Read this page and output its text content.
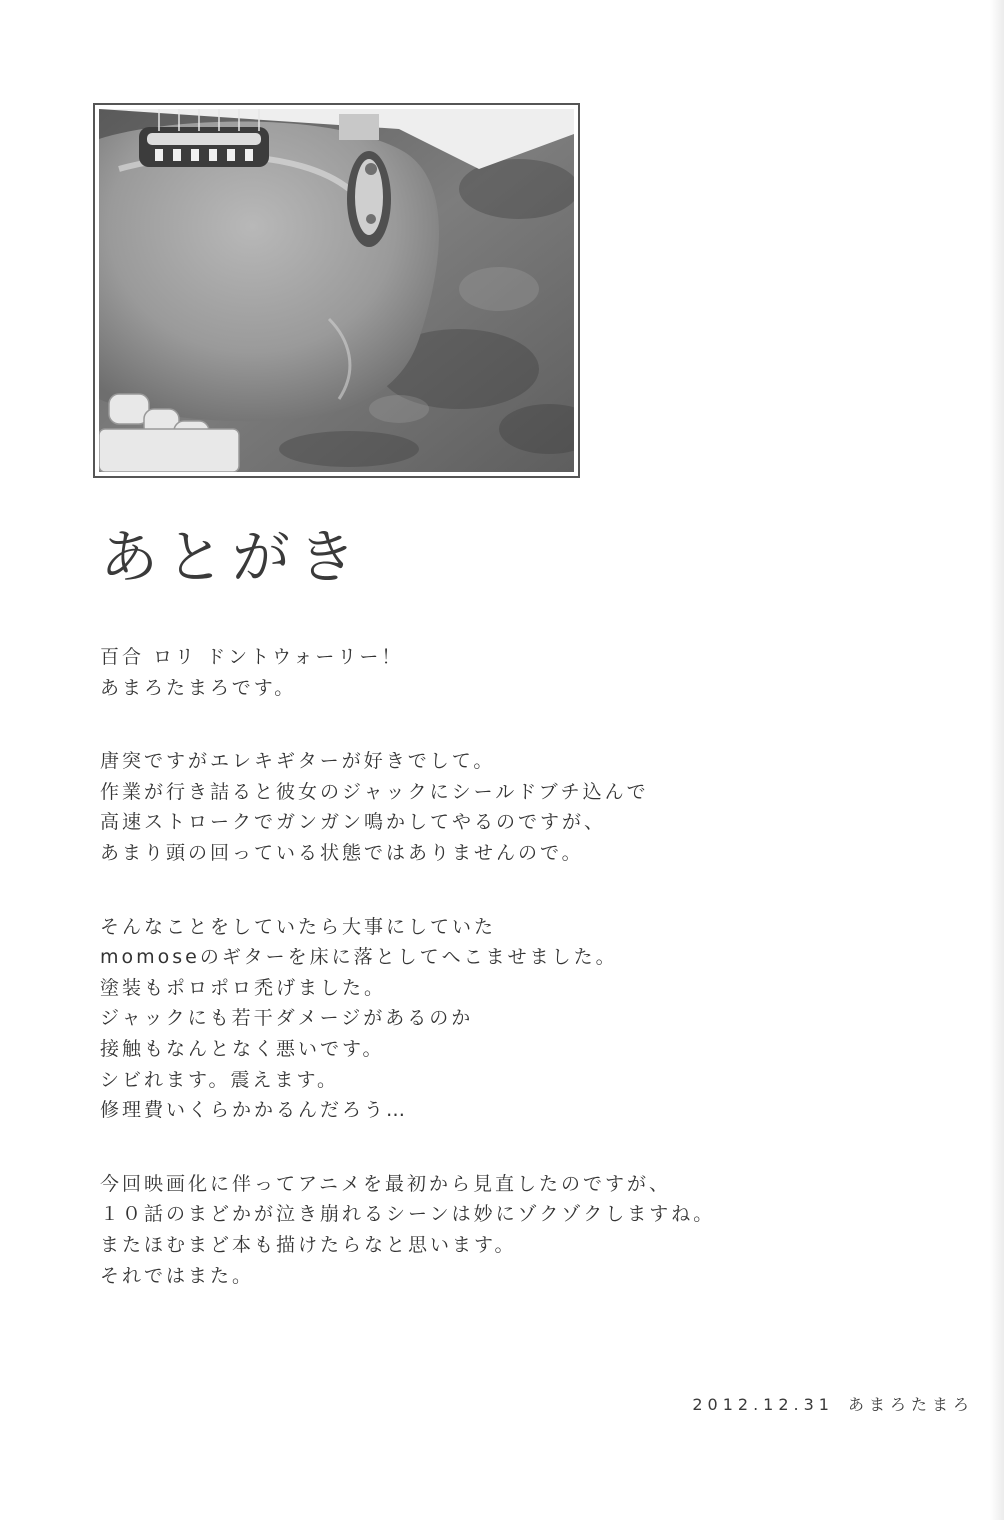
あとがき
百合 ロリ ドントウォーリー！
あまろたまろです。
唐突ですがエレキギターが好きでして。
作業が行き詰ると彼女のジャックにシールドブチ込んで
高速ストロークでガンガン鳴かしてやるのですが、
あまり頭の回っている状態ではありませんので。
そんなことをしていたら大事にしていた
momoseのギターを床に落としてへこませました。
塗装もポロポロ禿げました。
ジャックにも若干ダメージがあるのか
接触もなんとなく悪いです。
シビれます。震えます。
修理費いくらかかるんだろう…
今回映画化に伴ってアニメを最初から見直したのですが、
１０話のまどかが泣き崩れるシーンは妙にゾクゾクしますね。
またほむまど本も描けたらなと思います。
それではまた。
2012.12.31 あまろたまろ
